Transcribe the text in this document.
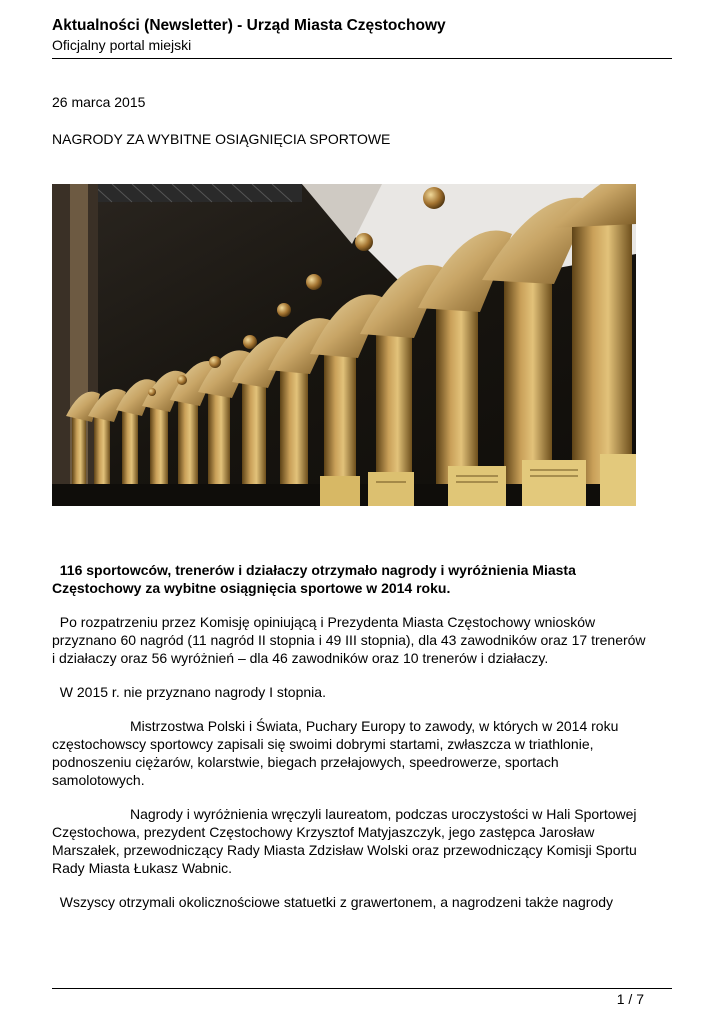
Aktualności (Newsletter) - Urząd Miasta Częstochowy
Oficjalny portal miejski
26 marca 2015
NAGRODY ZA WYBITNE OSIĄGNIĘCIA SPORTOWE

116 sportowców, trenerów i działaczy otrzymało nagrody i wyróżnienia Miasta Częstochowy za wybitne osiągnięcia sportowe w 2014 roku.

Po rozpatrzeniu przez Komisję opiniującą i Prezydenta Miasta Częstochowy wniosków przyznano 60 nagród (11 nagród II stopnia i 49 III stopnia), dla 43 zawodników oraz 17 trenerów i działaczy oraz 56 wyróżnień – dla 46 zawodników oraz 10 trenerów i działaczy.

W 2015 r. nie przyznano nagrody I stopnia.

Mistrzostwa Polski i Świata, Puchary Europy to zawody, w których w 2014 roku częstochowscy sportowcy zapisali się swoimi dobrymi startami, zwłaszcza w triathlonie, podnoszeniu ciężarów, kolarstwie, biegach przełajowych, speedrowerze, sportach samolotowych.

Nagrody i wyróżnienia wręczyli laureatom, podczas uroczystości w Hali Sportowej Częstochowa, prezydent Częstochowy Krzysztof Matyjaszczyk, jego zastępca Jarosław Marszałek, przewodniczący Rady Miasta Zdzisław Wolski oraz przewodniczący Komisji Sportu Rady Miasta Łukasz Wabnic.

Wszyscy otrzymali okolicznościowe statuetki z grawertonem, a nagrodzeni także nagrody

1 / 7
